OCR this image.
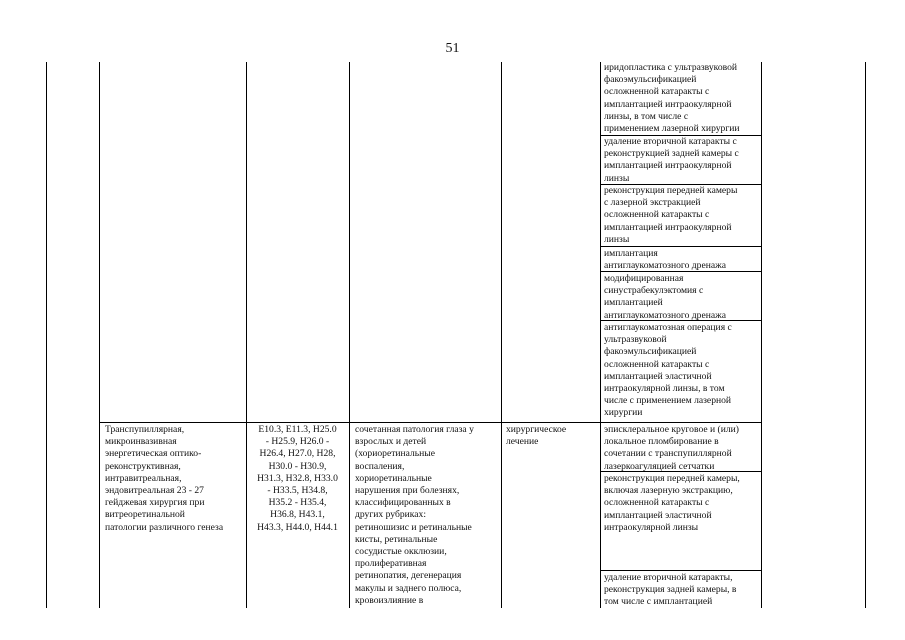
51
иридопластика с ультразвуковой
факоэмульсификацией
осложненной катаракты с
имплантацией интраокулярной
линзы, в том числе с
применением лазерной хирургии
удаление вторичной катаракты с
реконструкцией задней камеры с
имплантацией интраокулярной
линзы
реконструкция передней камеры
с лазерной экстракцией
осложненной катаракты с
имплантацией интраокулярной
линзы
имплантация
антиглаукоматозного дренажа
модифицированная
синустрабекулэктомия с
имплантацией
антиглаукоматозного дренажа
антиглаукоматозная операция с
ультразвуковой
факоэмульсификацией
осложненной катаракты с
имплантацией эластичной
интраокулярной линзы, в том
числе с применением лазерной
хирургии
Транспупиллярная,
микроинвазивная
энергетическая оптико-
реконструктивная,
интравитреальная,
эндовитреальная 23 - 27
гейджевая хирургия при
витреоретинальной
патологии различного генеза
Е10.3, Е11.3, Н25.0
- Н25.9, Н26.0 -
Н26.4, Н27.0, Н28,
Н30.0 - Н30.9,
Н31.3, Н32.8, Н33.0
- Н33.5, Н34.8,
Н35.2 - Н35.4,
Н36.8, Н43.1,
Н43.3, Н44.0, Н44.1
сочетанная патология глаза у
взрослых и детей
(хориоретинальные
воспаления,
хориоретинальные
нарушения при болезнях,
классифицированных в
других рубриках:
ретиношизис и ретинальные
кисты, ретинальные
сосудистые окклюзии,
пролиферативная
ретинопатия, дегенерация
макулы и заднего полюса,
кровоизлияние в
хирургическое
лечение
эписклеральное круговое и (или)
локальное пломбирование в
сочетании с транспупиллярной
лазеркоагуляцией сетчатки
реконструкция передней камеры,
включая лазерную экстракцию,
осложненной катаракты с
имплантацией эластичной
интраокулярной линзы
удаление вторичной катаракты,
реконструкция задней камеры, в
том числе с имплантацией
